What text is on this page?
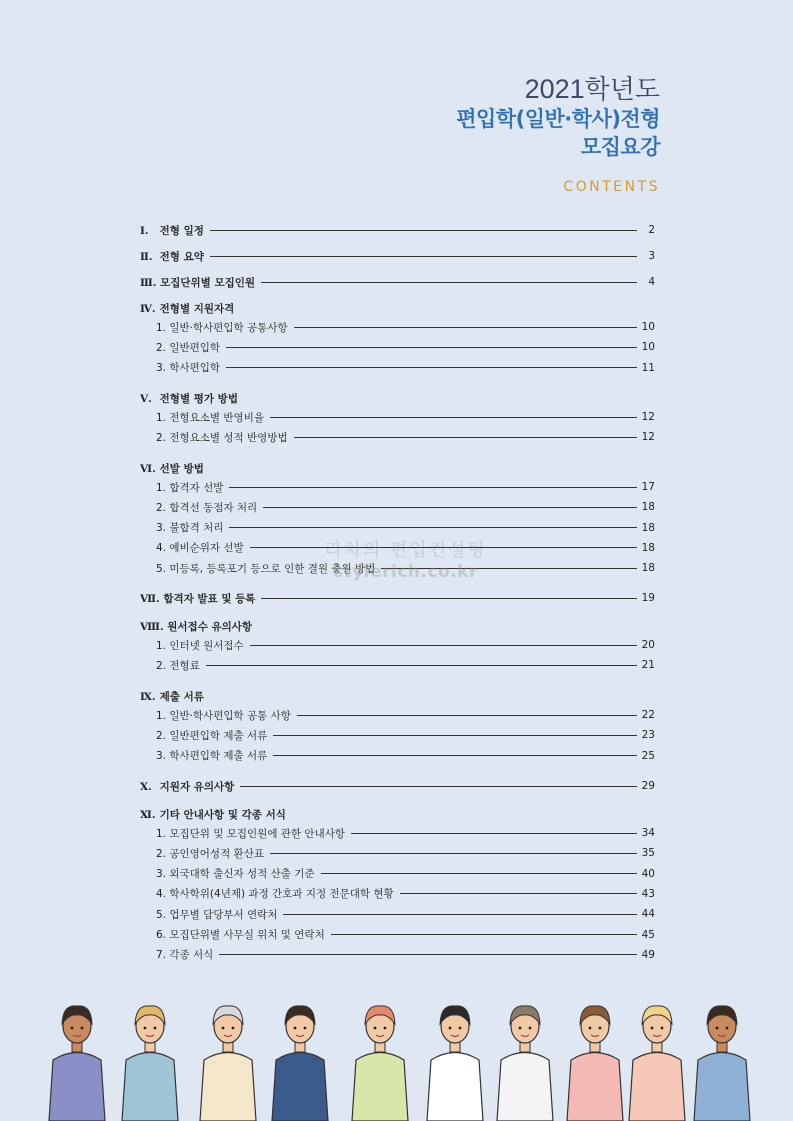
2021학년도
편입학(일반·학사)전형
모집요강
CONTENTS
Ⅰ. 전형 일정	2
Ⅱ. 전형 요약	3
Ⅲ. 모집단위별 모집인원	4
Ⅳ. 전형별 지원자격
1. 일반·학사편입학 공통사항	10
2. 일반편입학	10
3. 학사편입학	11
Ⅴ. 전형별 평가 방법
1. 전형요소별 반영비율	12
2. 전형요소별 성적 반영방법	12
Ⅵ. 선발 방법
1. 합격자 선발	17
2. 합격선 동점자 처리	18
3. 불합격 처리	18
4. 예비순위자 선발	18
5. 미등록, 등록포기 등으로 인한 결원 충원 방법	18
Ⅶ. 합격자 발표 및 등록	19
Ⅷ. 원서접수 유의사항
1. 인터넷 원서접수	20
2. 전형료	21
Ⅸ. 제출 서류
1. 일반·학사편입학 공통 사항	22
2. 일반편입학 제출 서류	23
3. 학사편입학 제출 서류	25
Ⅹ. 지원자 유의사항	29
Ⅺ. 기타 안내사항 및 각종 서식
1. 모집단위 및 모집인원에 관한 안내사항	34
2. 공인영어성적 환산표	35
3. 외국대학 출신자 성적 산출 기준	40
4. 학사학위(4년제) 과정 간호과 지정 전문대학 현황	43
5. 업무별 담당부서 연락처	44
6. 모집단위별 사무실 위치 및 연락처	45
7. 각종 서식	49
리치의 편입컨설팅
stylerich.co.kr
